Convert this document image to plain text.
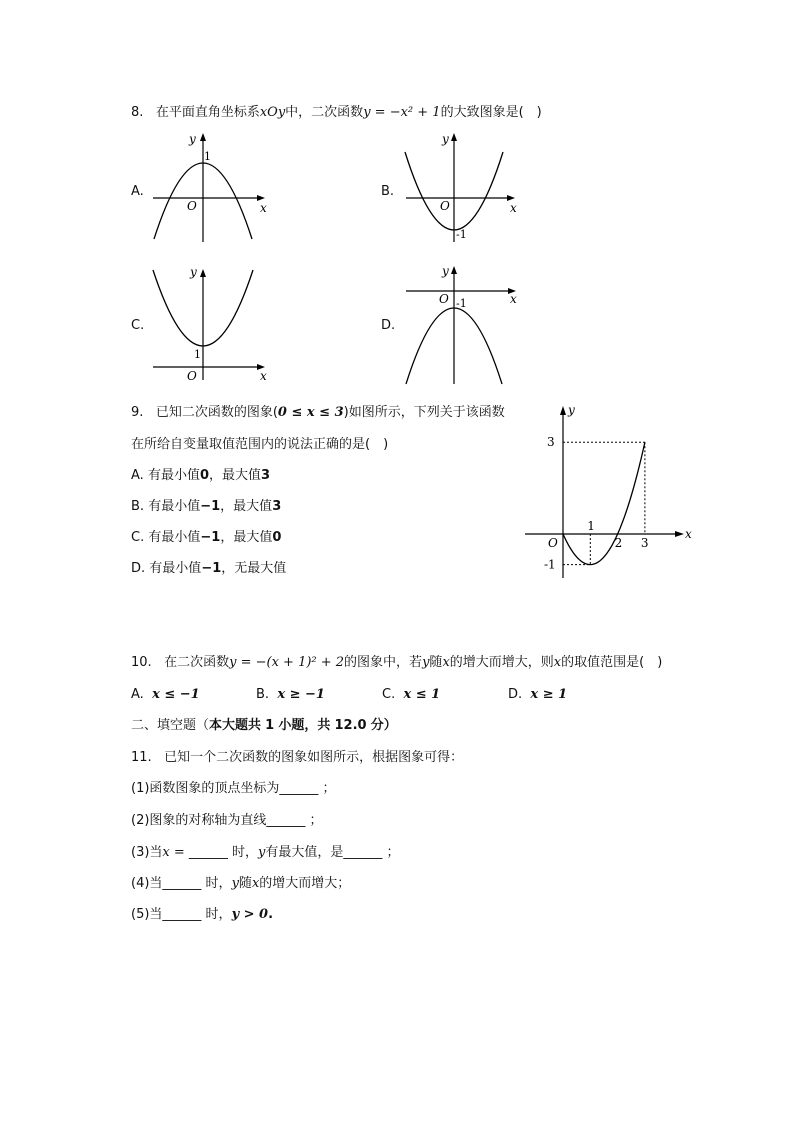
8. 在平面直角坐标系xOy中，二次函数y = −x² + 1的大致图象是(　)
A.
x
y
O
1
B.
x
y
O
-1
C.
x
y
O
1
D.
x
y
O -1
9. 已知二次函数的图象(0 ≤ x ≤ 3)如图所示，下列关于该函数
在所给自变量取值范围内的说法正确的是(　)
A. 有最小值0，最大值3
B. 有最小值−1，最大值3
C. 有最小值−1，最大值0
D. 有最小值−1，无最大值
1
2 3
3
-1
x
y
O
10. 在二次函数y = −(x + 1)² + 2的图象中，若y随x的增大而增大，则x的取值范围是(　)
A. x ≤ −1	B. x ≥ −1	C. x ≤ 1	D. x ≥ 1
二、填空题（本大题共 1 小题，共 12.0 分）
11. 已知一个二次函数的图象如图所示，根据图象可得：
(1)函数图象的顶点坐标为______ ；
(2)图象的对称轴为直线______ ；
(3)当x = ______ 时，y有最大值，是______ ；
(4)当______ 时，y随x的增大而增大；
(5)当______ 时，y > 0.
